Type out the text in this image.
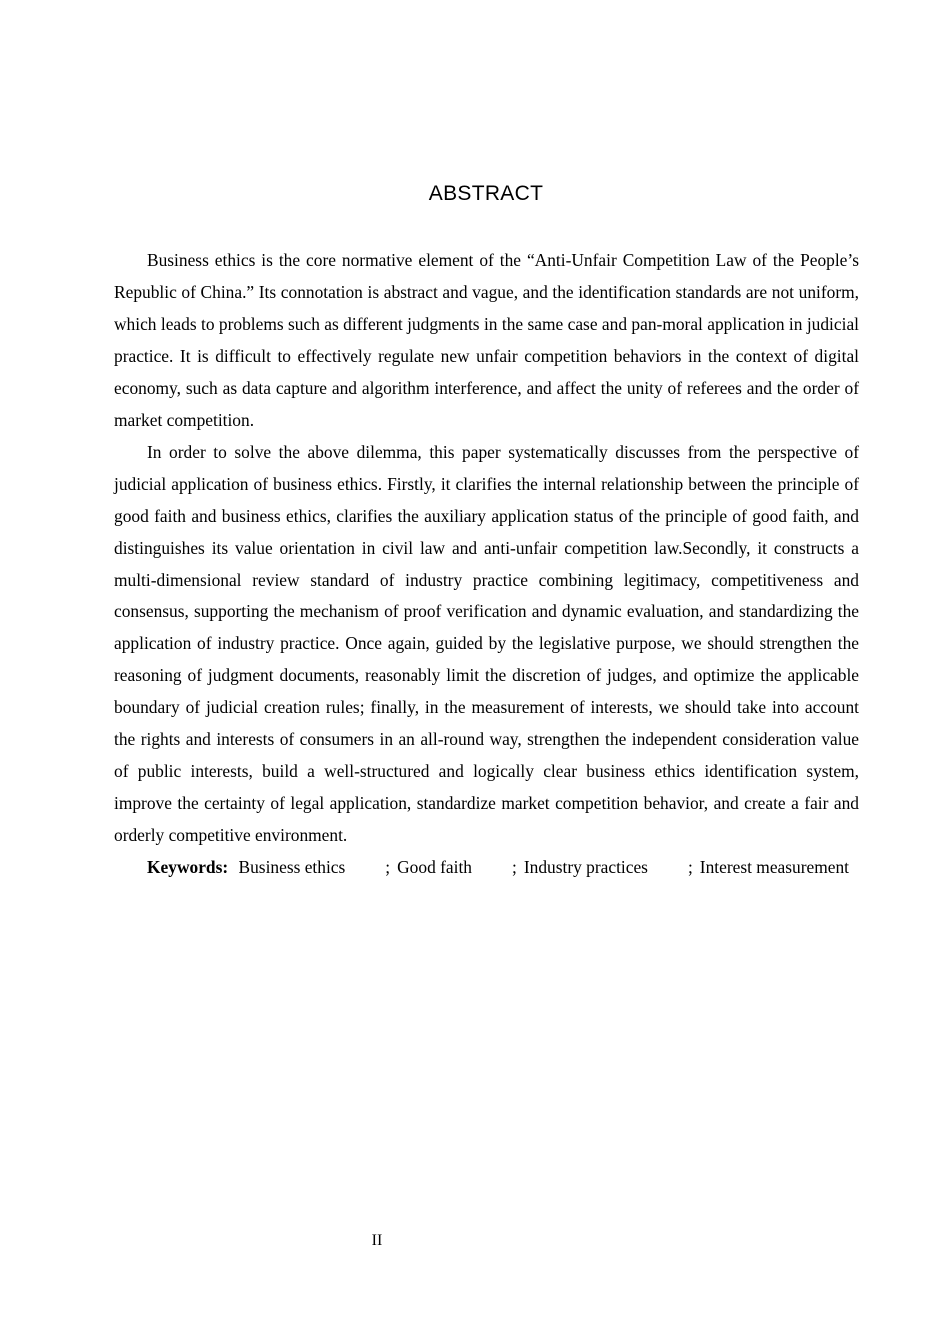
ABSTRACT

Business ethics is the core normative element of the “Anti-Unfair Competition Law of the People’s Republic of China.” Its connotation is abstract and vague, and the identification standards are not uniform, which leads to problems such as different judgments in the same case and pan-moral application in judicial practice. It is difficult to effectively regulate new unfair competition behaviors in the context of digital economy, such as data capture and algorithm interference, and affect the unity of referees and the order of market competition.

In order to solve the above dilemma, this paper systematically discusses from the perspective of judicial application of business ethics. Firstly, it clarifies the internal relationship between the principle of good faith and business ethics, clarifies the auxiliary application status of the principle of good faith, and distinguishes its value orientation in civil law and anti-unfair competition law.Secondly, it constructs a multi-dimensional review standard of industry practice combining legitimacy, competitiveness and consensus, supporting the mechanism of proof verification and dynamic evaluation, and standardizing the application of industry practice. Once again, guided by the legislative purpose, we should strengthen the reasoning of judgment documents, reasonably limit the discretion of judges, and optimize the applicable boundary of judicial creation rules; finally, in the measurement of interests, we should take into account the rights and interests of consumers in an all-round way, strengthen the independent consideration value of public interests, build a well-structured and logically clear business ethics identification system, improve the certainty of legal application, standardize market competition behavior, and create a fair and orderly competitive environment.

Keywords: Business ethics ; Good faith ; Industry practices ; Interest measurement

II
